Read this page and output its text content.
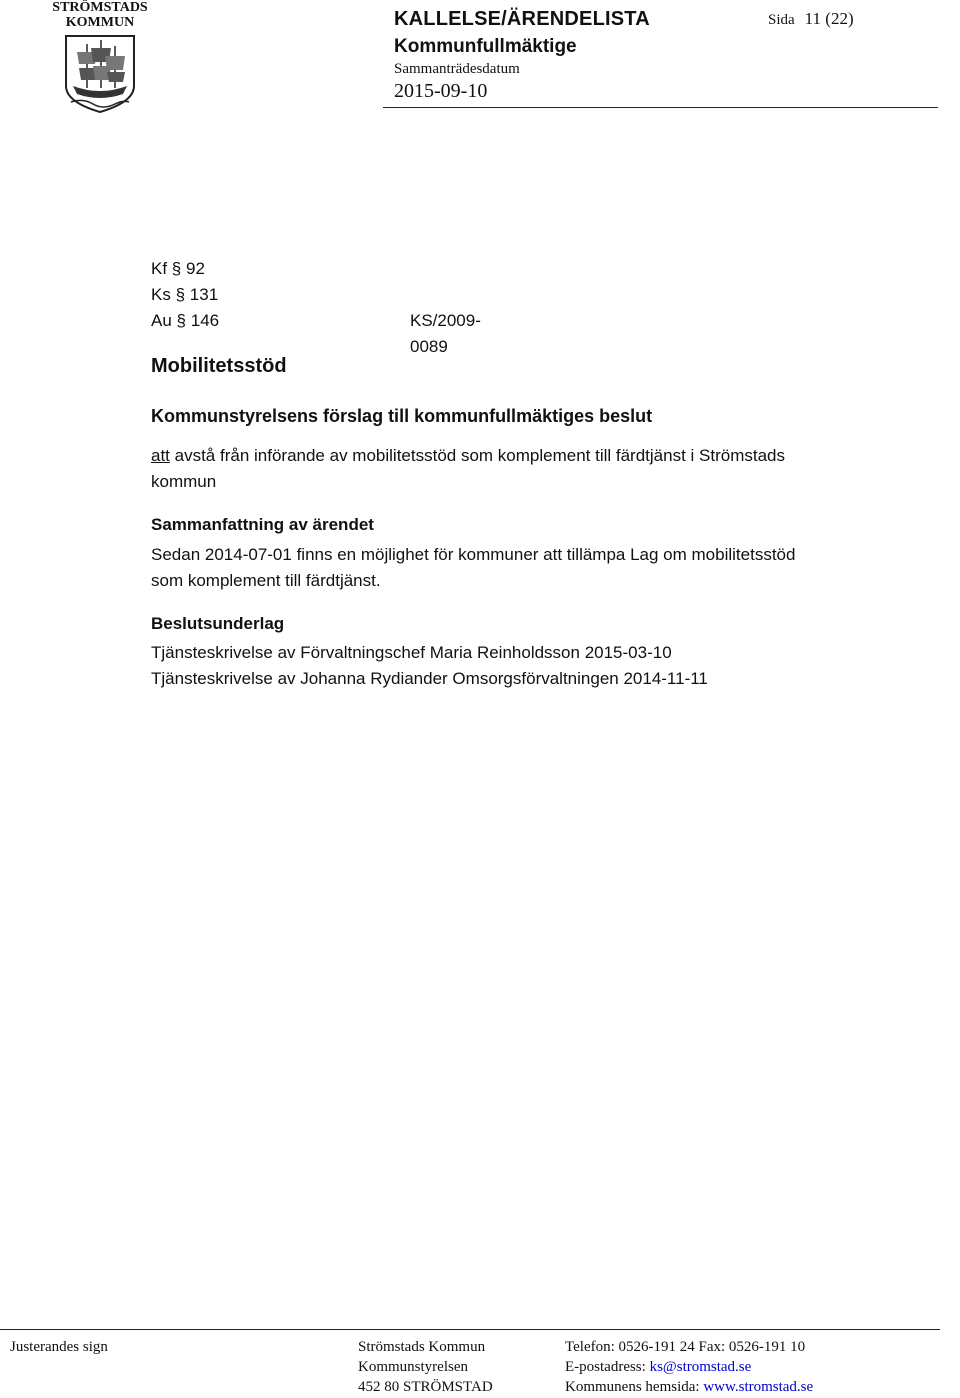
STRÖMSTADS
KOMMUN	KALLELSE/ÄRENDELISTA
Kommunfullmäktige
Sammanträdesdatum
2015-09-10
Sida 11 (22)
Kf § 92
Ks § 131
Au § 146	KS/2009-0089
Mobilitetsstöd
Kommunstyrelsens förslag till kommunfullmäktiges beslut
att avstå från införande av mobilitetsstöd som komplement till färdtjänst i Strömstads kommun
Sammanfattning av ärendet
Sedan 2014-07-01 finns en möjlighet för kommuner att tillämpa Lag om mobilitetsstöd som komplement till färdtjänst.
Beslutsunderlag
Tjänsteskrivelse av Förvaltningschef Maria Reinholdsson 2015-03-10
Tjänsteskrivelse av Johanna Rydiander Omsorgsförvaltningen 2014-11-11
Justerandes sign	Strömstads Kommun
Kommunstyrelsen
452 80 STRÖMSTAD
Telefon: 0526-191 24 Fax: 0526-191 10
E-postadress: ks@stromstad.se
Kommunens hemsida: www.stromstad.se
